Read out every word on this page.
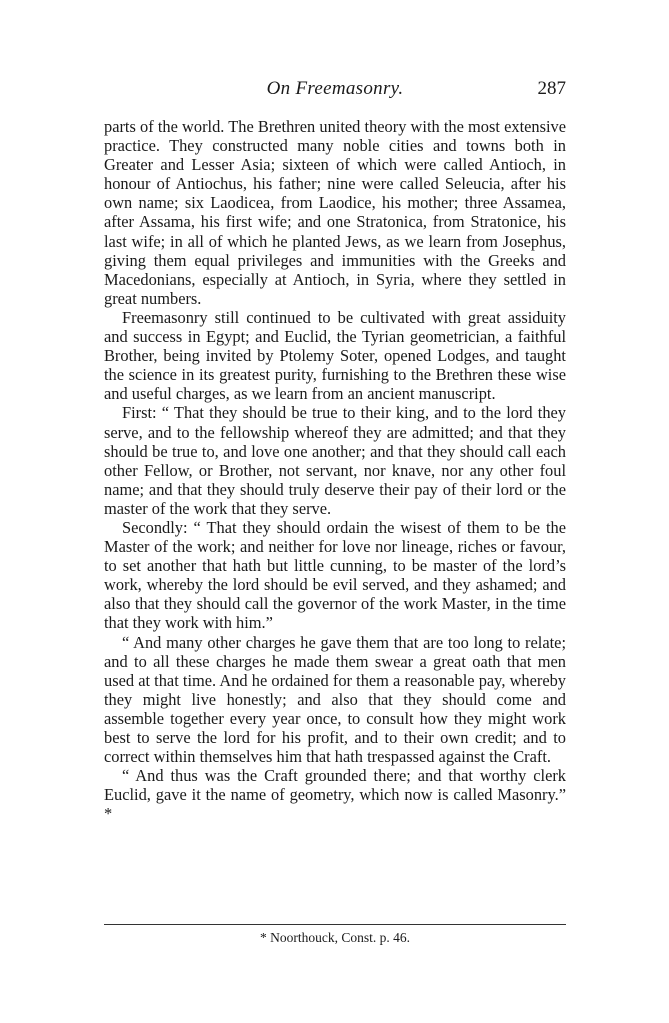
On Freemasonry.	287

parts of the world. The Brethren united theory with the most extensive practice. They constructed many noble cities and towns both in Greater and Lesser Asia; sixteen of which were called Antioch, in honour of Antiochus, his father; nine were called Seleucia, after his own name; six Laodicea, from Laodice, his mother; three Assamea, after Assama, his first wife; and one Stratonica, from Stratonice, his last wife; in all of which he planted Jews, as we learn from Josephus, giving them equal privileges and immunities with the Greeks and Macedonians, especially at Antioch, in Syria, where they settled in great numbers.

Freemasonry still continued to be cultivated with great assiduity and success in Egypt; and Euclid, the Tyrian geometrician, a faithful Brother, being invited by Ptolemy Soter, opened Lodges, and taught the science in its greatest purity, furnishing to the Brethren these wise and useful charges, as we learn from an ancient manuscript.

First: “ That they should be true to their king, and to the lord they serve, and to the fellowship whereof they are admitted; and that they should be true to, and love one another; and that they should call each other Fellow, or Brother, not servant, nor knave, nor any other foul name; and that they should truly deserve their pay of their lord or the master of the work that they serve.

Secondly: “ That they should ordain the wisest of them to be the Master of the work; and neither for love nor lineage, riches or favour, to set another that hath but little cunning, to be master of the lord’s work, whereby the lord should be evil served, and they ashamed; and also that they should call the governor of the work Master, in the time that they work with him.”

“ And many other charges he gave them that are too long to relate; and to all these charges he made them swear a great oath that men used at that time. And he ordained for them a reasonable pay, whereby they might live honestly; and also that they should come and assemble together every year once, to consult how they might work best to serve the lord for his profit, and to their own credit; and to correct within themselves him that hath trespassed against the Craft.

“ And thus was the Craft grounded there; and that worthy clerk Euclid, gave it the name of geometry, which now is called Masonry.” *

* Noorthouck, Const. p. 46.
